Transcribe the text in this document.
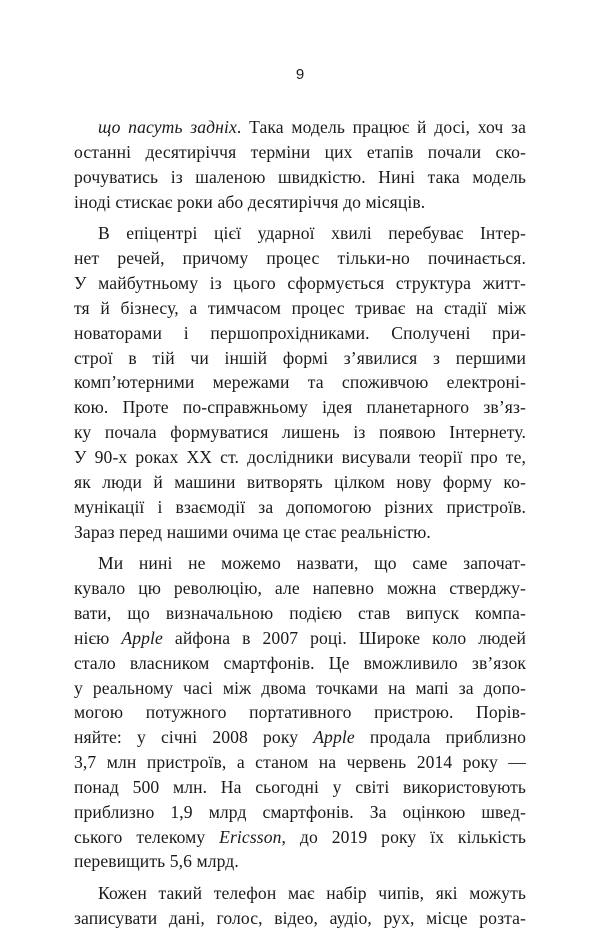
9
що пасуть задніх. Така модель працює й досі, хоч за
останні десятиріччя терміни цих етапів почали ско-
рочуватись із шаленою швидкістю. Нині така модель
іноді стискає роки або десятиріччя до місяців.
В епіцентрі цієї ударної хвилі перебуває Інтер-
нет речей, причому процес тільки-но починається.
У майбутньому із цього сформується структура житт-
тя й бізнесу, а тимчасом процес триває на стадії між
новаторами і першопрохідниками. Сполучені при-
строї в тій чи іншій формі з’явилися з першими
комп’ютерними мережами та споживчою електроні-
кою. Проте по-справжньому ідея планетарного зв’яз-
ку почала формуватися лишень із появою Інтернету.
У 90-х роках ХХ ст. дослідники висували теорії про те,
як люди й машини витворять цілком нову форму ко-
мунікації і взаємодії за допомогою різних пристроїв.
Зараз перед нашими очима це стає реальністю.
Ми нині не можемо назвати, що саме започат-
кувало цю революцію, але напевно можна стверджу-
вати, що визначальною подією став випуск компа-
нією Apple айфона в 2007 році. Широке коло людей
стало власником смартфонів. Це вможливило зв’язок
у реальному часі між двома точками на мапі за допо-
могою потужного портативного пристрою. Порів-
няйте: у січні 2008 року Apple продала приблизно
3,7 млн пристроїв, а станом на червень 2014 року —
понад 500 млн. На сьогодні у світі використовують
приблизно 1,9 млрд смартфонів. За оцінкою швед-
ського телекому Ericsson, до 2019 року їх кількість
перевищить 5,6 млрд.
Кожен такий телефон має набір чипів, які можуть
записувати дані, голос, відео, аудіо, рух, місце розта-
